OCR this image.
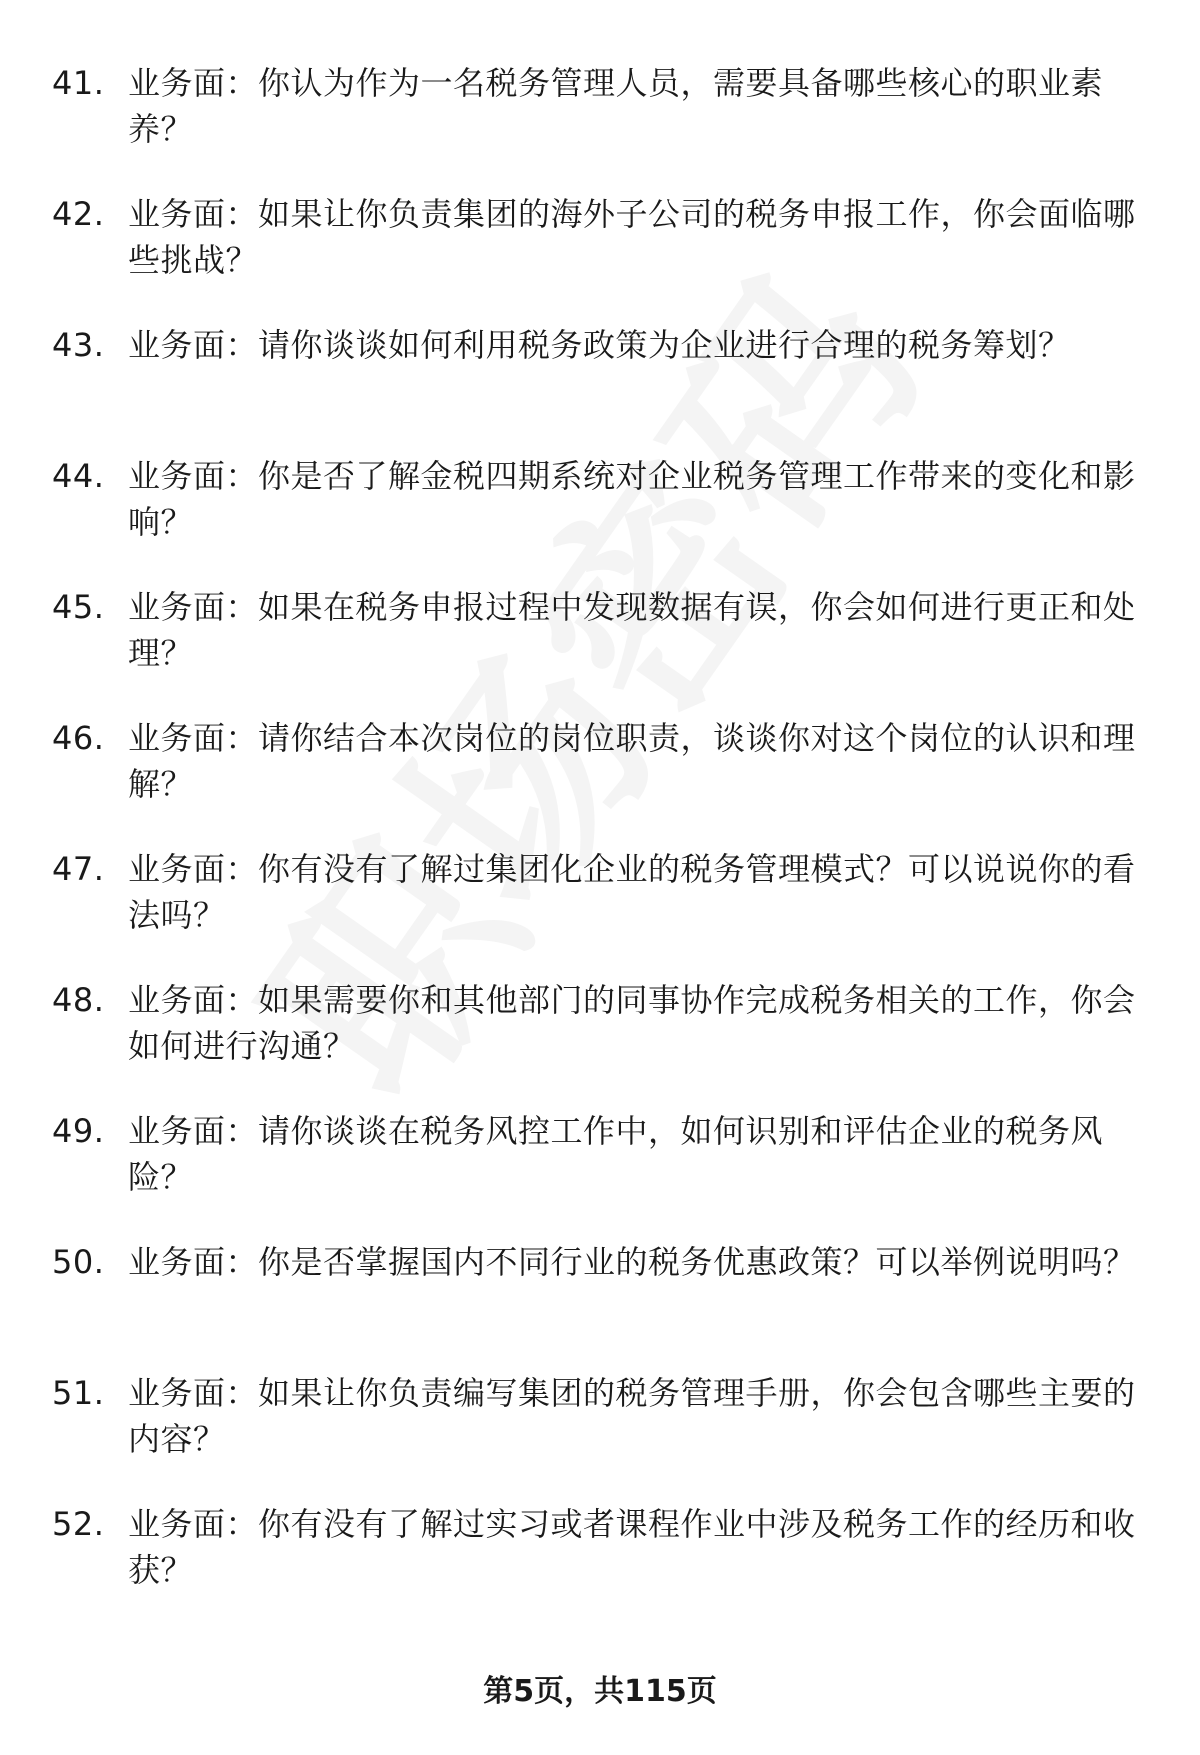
41. 业务面：你认为作为一名税务管理人员，需要具备哪些核心的职业素养？
42. 业务面：如果让你负责集团的海外子公司的税务申报工作，你会面临哪些挑战？
43. 业务面：请你谈谈如何利用税务政策为企业进行合理的税务筹划？
44. 业务面：你是否了解金税四期系统对企业税务管理工作带来的变化和影响？
45. 业务面：如果在税务申报过程中发现数据有误，你会如何进行更正和处理？
46. 业务面：请你结合本次岗位的岗位职责，谈谈你对这个岗位的认识和理解？
47. 业务面：你有没有了解过集团化企业的税务管理模式？可以说说你的看法吗？
48. 业务面：如果需要你和其他部门的同事协作完成税务相关的工作，你会如何进行沟通？
49. 业务面：请你谈谈在税务风控工作中，如何识别和评估企业的税务风险？
50. 业务面：你是否掌握国内不同行业的税务优惠政策？可以举例说明吗？
51. 业务面：如果让你负责编写集团的税务管理手册，你会包含哪些主要的内容？
52. 业务面：你有没有了解过实习或者课程作业中涉及税务工作的经历和收获？
第5页，共115页
